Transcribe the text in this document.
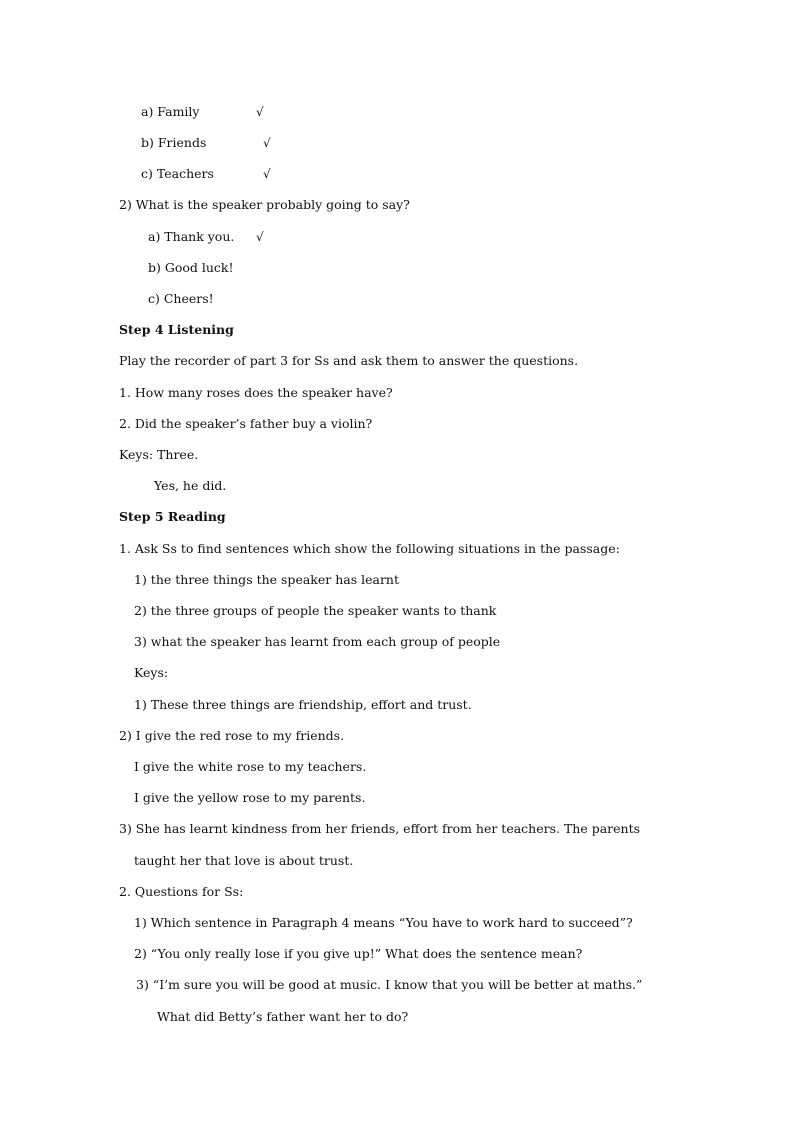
a) Family	√
b) Friends	√
c) Teachers	√
2) What is the speaker probably going to say?
a) Thank you. √
b) Good luck!
c) Cheers!
Step 4 Listening
Play the recorder of part 3 for Ss and ask them to answer the questions.
1. How many roses does the speaker have?
2. Did the speaker’s father buy a violin?
Keys: Three.
Yes, he did.
Step 5 Reading
1. Ask Ss to find sentences which show the following situations in the passage:
1) the three things the speaker has learnt
2) the three groups of people the speaker wants to thank
3) what the speaker has learnt from each group of people
Keys:
1) These three things are friendship, effort and trust.
2) I give the red rose to my friends.
I give the white rose to my teachers.
I give the yellow rose to my parents.
3) She has learnt kindness from her friends, effort from her teachers. The parents
taught her that love is about trust.
2. Questions for Ss:
1) Which sentence in Paragraph 4 means “You have to work hard to succeed”?
2) “You only really lose if you give up!” What does the sentence mean?
3) “I’m sure you will be good at music. I know that you will be better at maths.”
What did Betty’s father want her to do?
